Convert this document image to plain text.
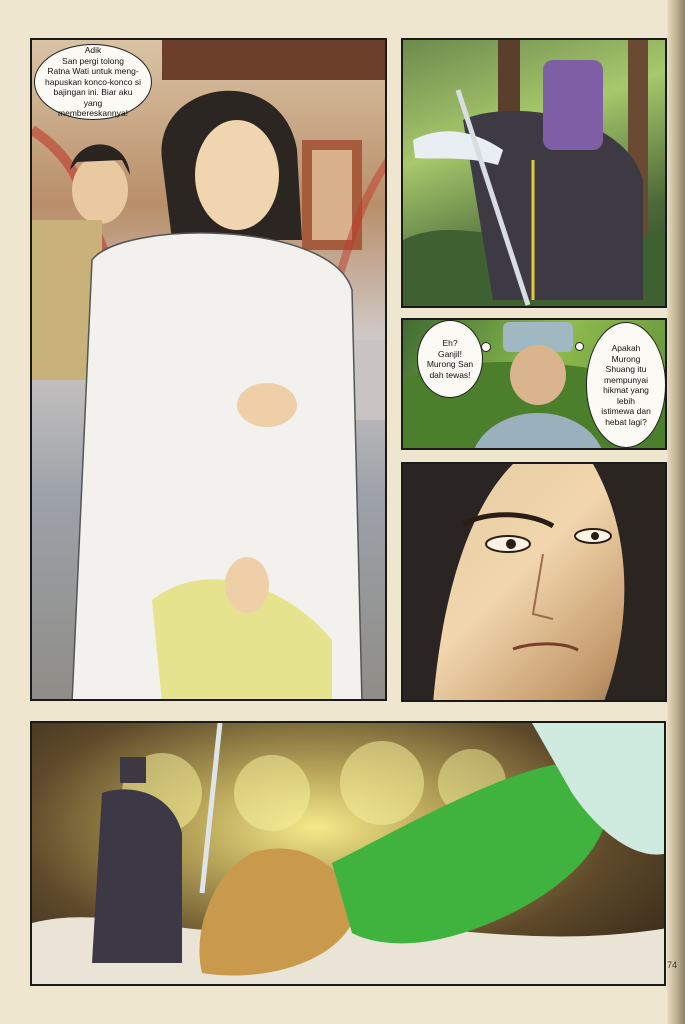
Adik
San pergi tolong
Ratna Wati untuk meng-
hapuskan konco-konco si
bajingan ini. Biar aku yang
membereskannya!
Eh?
Ganjil!
Murong San
dah tewas!
Apakah
Murong
Shuang itu
mempunyai
hikmat yang lebih
istimewa dan
hebat lagi?
74
